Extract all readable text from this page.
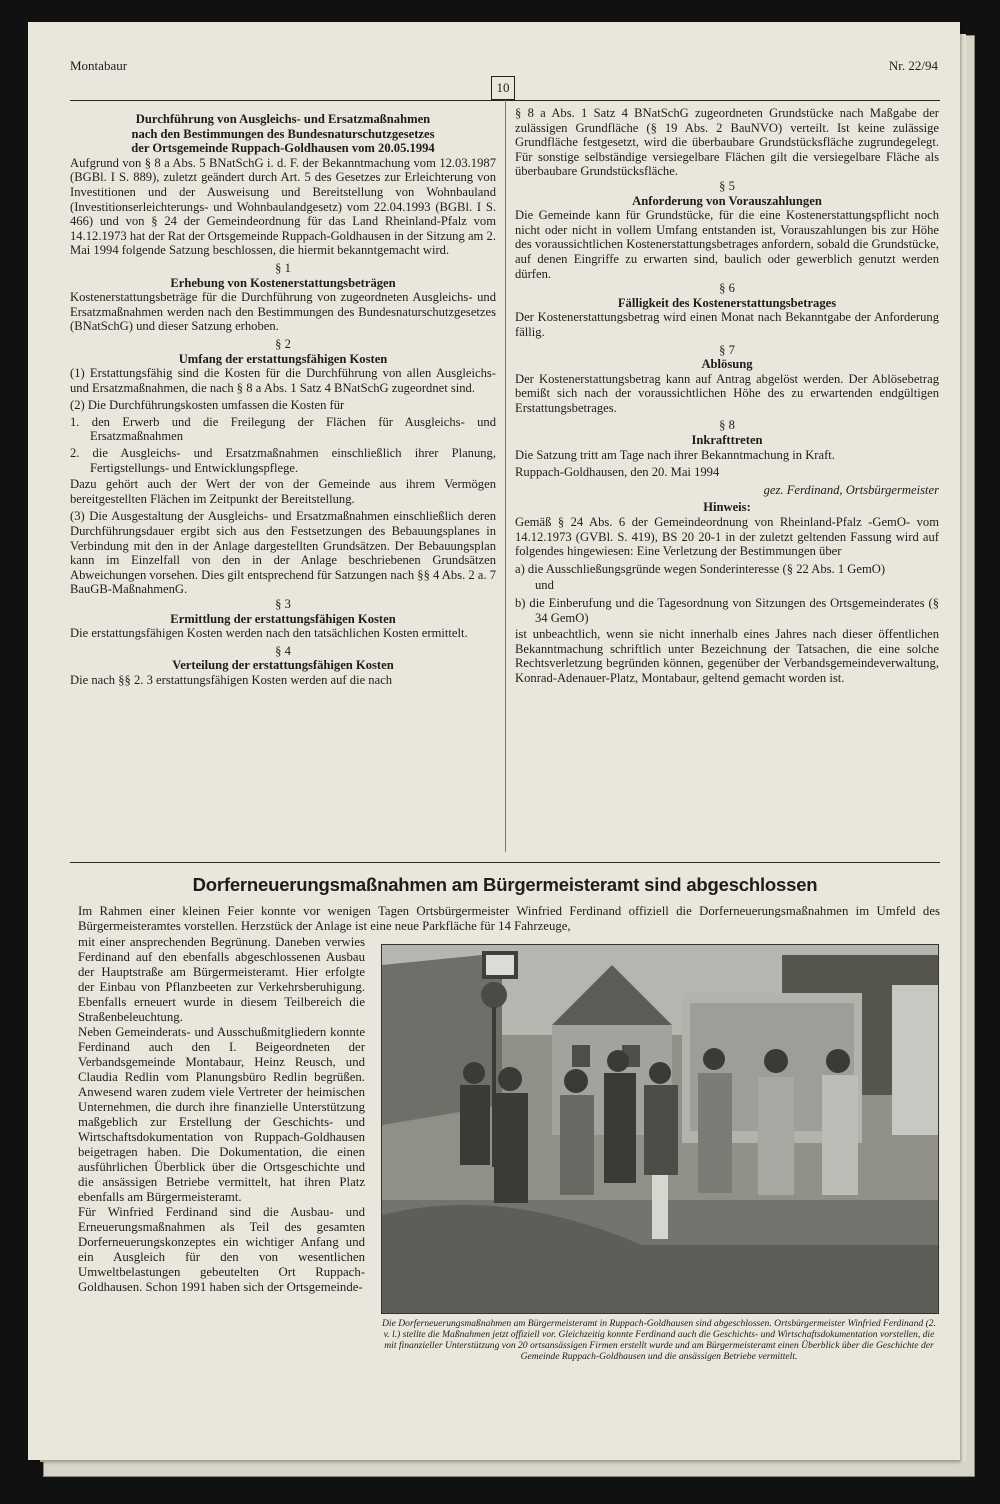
Montabaur
10
Nr. 22/94

Durchführung von Ausgleichs- und Ersatzmaßnahmen

nach den Bestimmungen des Bundesnaturschutzgesetzes

der Ortsgemeinde Ruppach-Goldhausen vom 20.05.1994

Aufgrund von § 8 a Abs. 5 BNatSchG i. d. F. der Bekanntmachung vom 12.03.1987 (BGBl. I S. 889), zuletzt geändert durch Art. 5 des Gesetzes zur Erleichterung von Investitionen und der Ausweisung und Bereitstellung von Wohnbauland (Investitionserleichterungs- und Wohnbaulandgesetz) vom 22.04.1993 (BGBl. I S. 466) und von § 24 der Gemeindeordnung für das Land Rheinland-Pfalz vom 14.12.1973 hat der Rat der Ortsgemeinde Ruppach-Goldhausen in der Sitzung am 2. Mai 1994 folgende Satzung beschlossen, die hiermit bekanntgemacht wird.

§ 1

Erhebung von Kostenerstattungsbeträgen

Kostenerstattungsbeträge für die Durchführung von zugeordneten Ausgleichs- und Ersatzmaßnahmen werden nach den Bestimmungen des Bundesnaturschutzgesetzes (BNatSchG) und dieser Satzung erhoben.

§ 2

Umfang der erstattungsfähigen Kosten

(1) Erstattungsfähig sind die Kosten für die Durchführung von allen Ausgleichs- und Ersatzmaßnahmen, die nach § 8 a Abs. 1 Satz 4 BNatSchG zugeordnet sind.

(2) Die Durchführungskosten umfassen die Kosten für

1. den Erwerb und die Freilegung der Flächen für Ausgleichs- und Ersatzmaßnahmen

2. die Ausgleichs- und Ersatzmaßnahmen einschließlich ihrer Planung, Fertigstellungs- und Entwicklungspflege.

Dazu gehört auch der Wert der von der Gemeinde aus ihrem Vermögen bereitgestellten Flächen im Zeitpunkt der Bereitstellung.

(3) Die Ausgestaltung der Ausgleichs- und Ersatzmaßnahmen einschließlich deren Durchführungsdauer ergibt sich aus den Festsetzungen des Bebauungsplanes in Verbindung mit den in der Anlage dargestellten Grundsätzen. Der Bebauungsplan kann im Einzelfall von den in der Anlage beschriebenen Grundsätzen Abweichungen vorsehen. Dies gilt entsprechend für Satzungen nach §§ 4 Abs. 2 a. 7 BauGB-MaßnahmenG.

§ 3

Ermittlung der erstattungsfähigen Kosten

Die erstattungsfähigen Kosten werden nach den tatsächlichen Kosten ermittelt.

§ 4

Verteilung der erstattungsfähigen Kosten

Die nach §§ 2. 3 erstattungsfähigen Kosten werden auf die nach

§ 8 a Abs. 1 Satz 4 BNatSchG zugeordneten Grundstücke nach Maßgabe der zulässigen Grundfläche (§ 19 Abs. 2 BauNVO) verteilt. Ist keine zulässige Grundfläche festgesetzt, wird die überbaubare Grundstücksfläche zugrundegelegt. Für sonstige selbständige versiegelbare Flächen gilt die versiegelbare Fläche als überbaubare Grundstücksfläche.

§ 5

Anforderung von Vorauszahlungen

Die Gemeinde kann für Grundstücke, für die eine Kostenerstattungspflicht noch nicht oder nicht in vollem Umfang entstanden ist, Vorauszahlungen bis zur Höhe des voraussichtlichen Kostenerstattungsbetrages anfordern, sobald die Grundstücke, auf denen Eingriffe zu erwarten sind, baulich oder gewerblich genutzt werden dürfen.

§ 6

Fälligkeit des Kostenerstattungsbetrages

Der Kostenerstattungsbetrag wird einen Monat nach Bekanntgabe der Anforderung fällig.

§ 7

Ablösung

Der Kostenerstattungsbetrag kann auf Antrag abgelöst werden. Der Ablösebetrag bemißt sich nach der voraussichtlichen Höhe des zu erwartenden endgültigen Erstattungsbetrages.

§ 8

Inkrafttreten

Die Satzung tritt am Tage nach ihrer Bekanntmachung in Kraft.

Ruppach-Goldhausen, den 20. Mai 1994

gez. Ferdinand, Ortsbürgermeister

Hinweis:

Gemäß § 24 Abs. 6 der Gemeindeordnung von Rheinland-Pfalz -GemO- vom 14.12.1973 (GVBl. S. 419), BS 20 20-1 in der zuletzt geltenden Fassung wird auf folgendes hingewiesen: Eine Verletzung der Bestimmungen über

a) die Ausschließungsgründe wegen Sonderinteresse (§ 22 Abs. 1 GemO)

und

b) die Einberufung und die Tagesordnung von Sitzungen des Ortsgemeinderates (§ 34 GemO)

ist unbeachtlich, wenn sie nicht innerhalb eines Jahres nach dieser öffentlichen Bekanntmachung schriftlich unter Bezeichnung der Tatsachen, die eine solche Rechtsverletzung begründen können, gegenüber der Verbandsgemeindeverwaltung, Konrad-Adenauer-Platz, Montabaur, geltend gemacht worden ist.

Dorferneuerungsmaßnahmen am Bürgermeisteramt sind abgeschlossen
Im Rahmen einer kleinen Feier konnte vor wenigen Tagen Ortsbürgermeister Winfried Ferdinand offiziell die Dorferneuerungsmaßnahmen im Umfeld des Bürgermeisteramtes vorstellen. Herzstück der Anlage ist eine neue Parkfläche für 14 Fahrzeuge,

mit einer ansprechenden Begrünung. Daneben verwies Ferdinand auf den ebenfalls abgeschlossenen Ausbau der Hauptstraße am Bürgermeisteramt. Hier erfolgte der Einbau von Pflanzbeeten zur Verkehrsberuhigung. Ebenfalls erneuert wurde in diesem Teilbereich die Straßenbeleuchtung.

Neben Gemeinderats- und Ausschußmitgliedern konnte Ferdinand auch den I. Beigeordneten der Verbandsgemeinde Montabaur, Heinz Reusch, und Claudia Redlin vom Planungsbüro Redlin begrüßen. Anwesend waren zudem viele Vertreter der heimischen Unternehmen, die durch ihre finanzielle Unterstützung maßgeblich zur Erstellung der Geschichts- und Wirtschaftsdokumentation von Ruppach-Goldhausen beigetragen haben. Die Dokumentation, die einen ausführlichen Überblick über die Ortsgeschichte und die ansässigen Betriebe vermittelt, hat ihren Platz ebenfalls am Bürgermeisteramt.

Für Winfried Ferdinand sind die Ausbau- und Erneuerungsmaßnahmen als Teil des gesamten Dorferneuerungskonzeptes ein wichtiger Anfang und ein Ausgleich für den von wesentlichen Umweltbelastungen gebeutelten Ort Ruppach-Goldhausen. Schon 1991 haben sich der Ortsgemeinde-

Die Dorferneuerungsmaßnahmen am Bürgermeisteramt in Ruppach-Goldhausen sind abgeschlossen. Ortsbürgermeister Winfried Ferdinand (2. v. l.) stellte die Maßnahmen jetzt offiziell vor. Gleichzeitig konnte Ferdinand auch die Geschichts- und Wirtschaftsdokumentation vorstellen, die mit finanzieller Unterstützung von 20 ortsansässigen Firmen erstellt wurde und am Bürgermeisteramt einen Überblick über die Geschichte der Gemeinde Ruppach-Goldhausen und die ansässigen Betriebe vermittelt.
